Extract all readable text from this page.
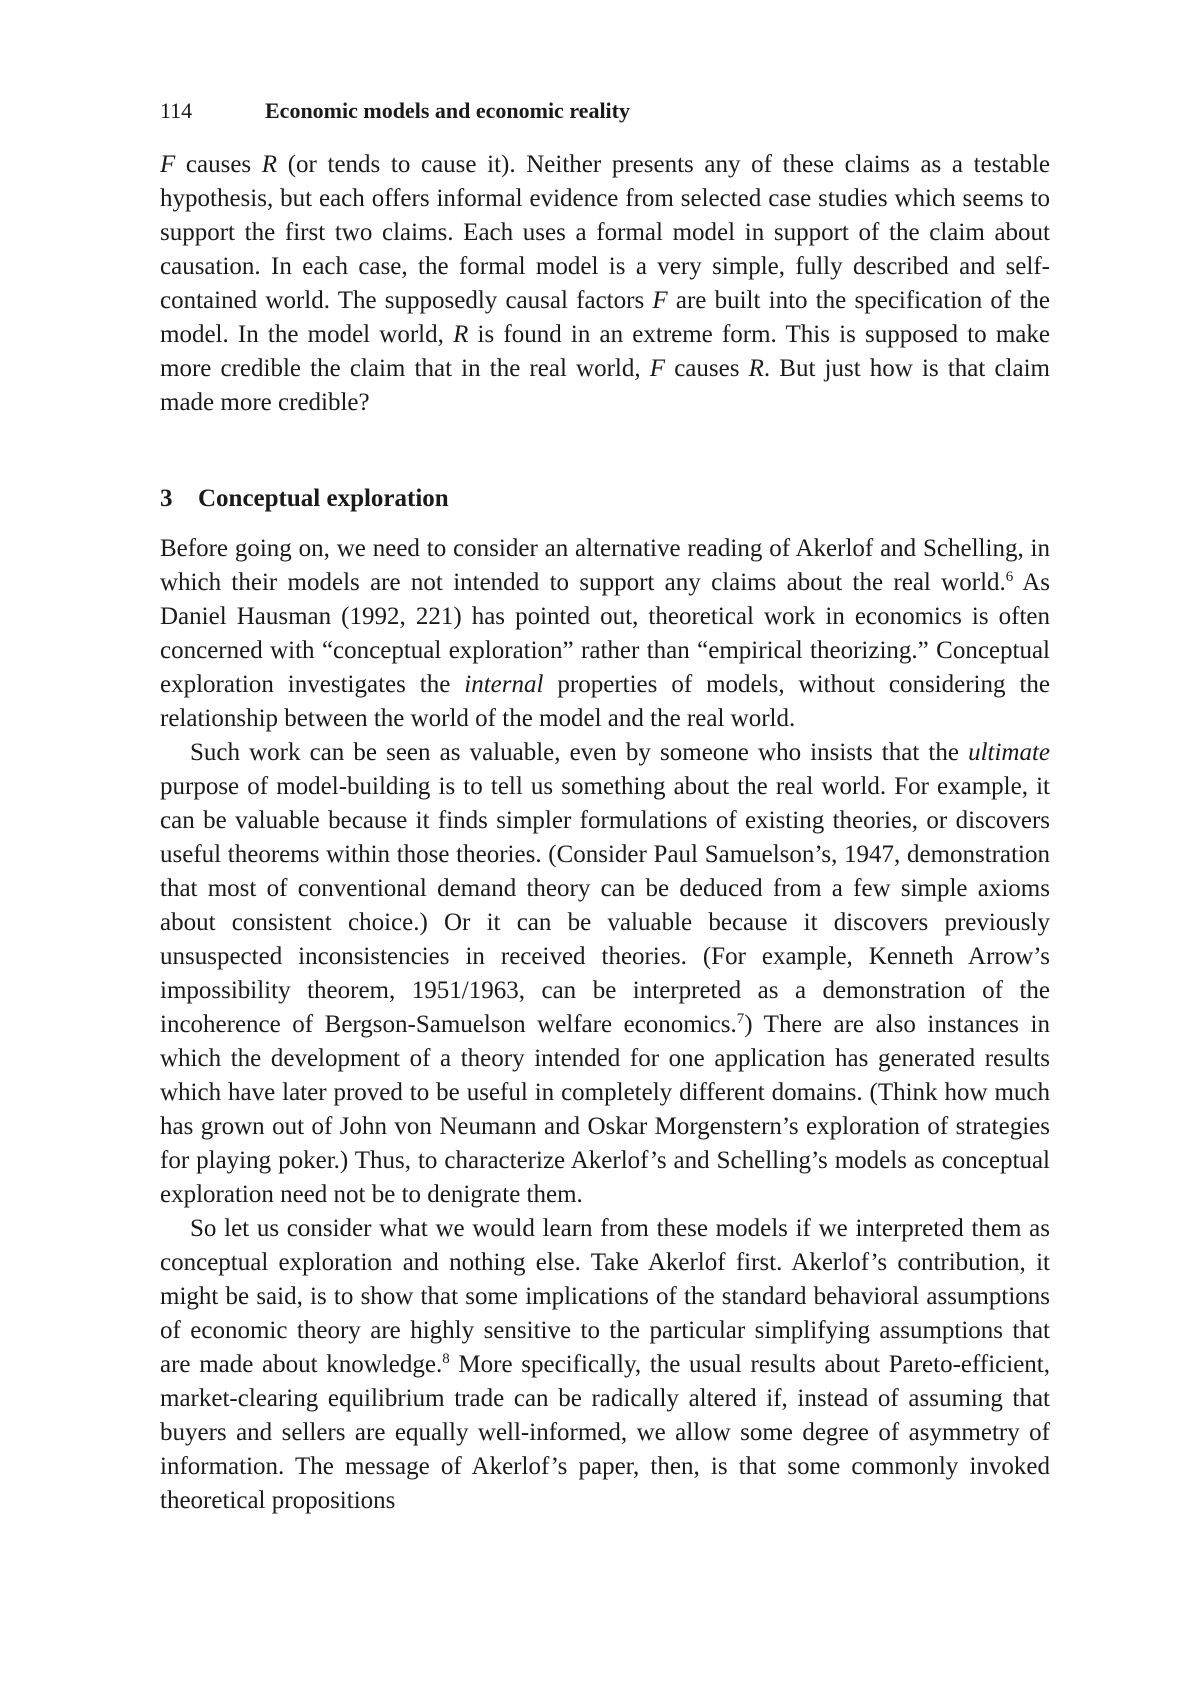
114	Economic models and economic reality

F causes R (or tends to cause it). Neither presents any of these claims as a testable hypothesis, but each offers informal evidence from selected case studies which seems to support the first two claims. Each uses a formal model in support of the claim about causation. In each case, the formal model is a very simple, fully described and self-contained world. The supposedly causal factors F are built into the specification of the model. In the model world, R is found in an extreme form. This is supposed to make more credible the claim that in the real world, F causes R. But just how is that claim made more credible?

3 Conceptual exploration

Before going on, we need to consider an alternative reading of Akerlof and Schelling, in which their models are not intended to support any claims about the real world.$^6$ As Daniel Hausman (1992, 221) has pointed out, theoretical work in economics is often concerned with “conceptual exploration” rather than “empirical theorizing.” Conceptual exploration investigates the internal properties of models, without considering the relationship between the world of the model and the real world.

Such work can be seen as valuable, even by someone who insists that the ultimate purpose of model-building is to tell us something about the real world. For example, it can be valuable because it finds simpler formulations of existing theories, or discovers useful theorems within those theories. (Consider Paul Samuelson’s, 1947, demonstration that most of conventional demand theory can be deduced from a few simple axioms about consistent choice.) Or it can be valuable because it discovers previously unsuspected inconsistencies in received theories. (For example, Kenneth Arrow’s impossibility theorem, 1951/1963, can be interpreted as a demonstration of the incoherence of Bergson-Samuelson welfare economics.$^7$) There are also instances in which the development of a theory intended for one application has generated results which have later proved to be useful in completely different domains. (Think how much has grown out of John von Neumann and Oskar Morgenstern’s exploration of strategies for playing poker.) Thus, to characterize Akerlof’s and Schelling’s models as conceptual exploration need not be to denigrate them.

So let us consider what we would learn from these models if we interpreted them as conceptual exploration and nothing else. Take Akerlof first. Akerlof’s contribution, it might be said, is to show that some implications of the standard behavioral assumptions of economic theory are highly sensitive to the particular simplifying assumptions that are made about knowledge.$^8$ More specifically, the usual results about Pareto-efficient, market-clearing equilibrium trade can be radically altered if, instead of assuming that buyers and sellers are equally well-informed, we allow some degree of asymmetry of information. The message of Akerlof’s paper, then, is that some commonly invoked theoretical propositions
